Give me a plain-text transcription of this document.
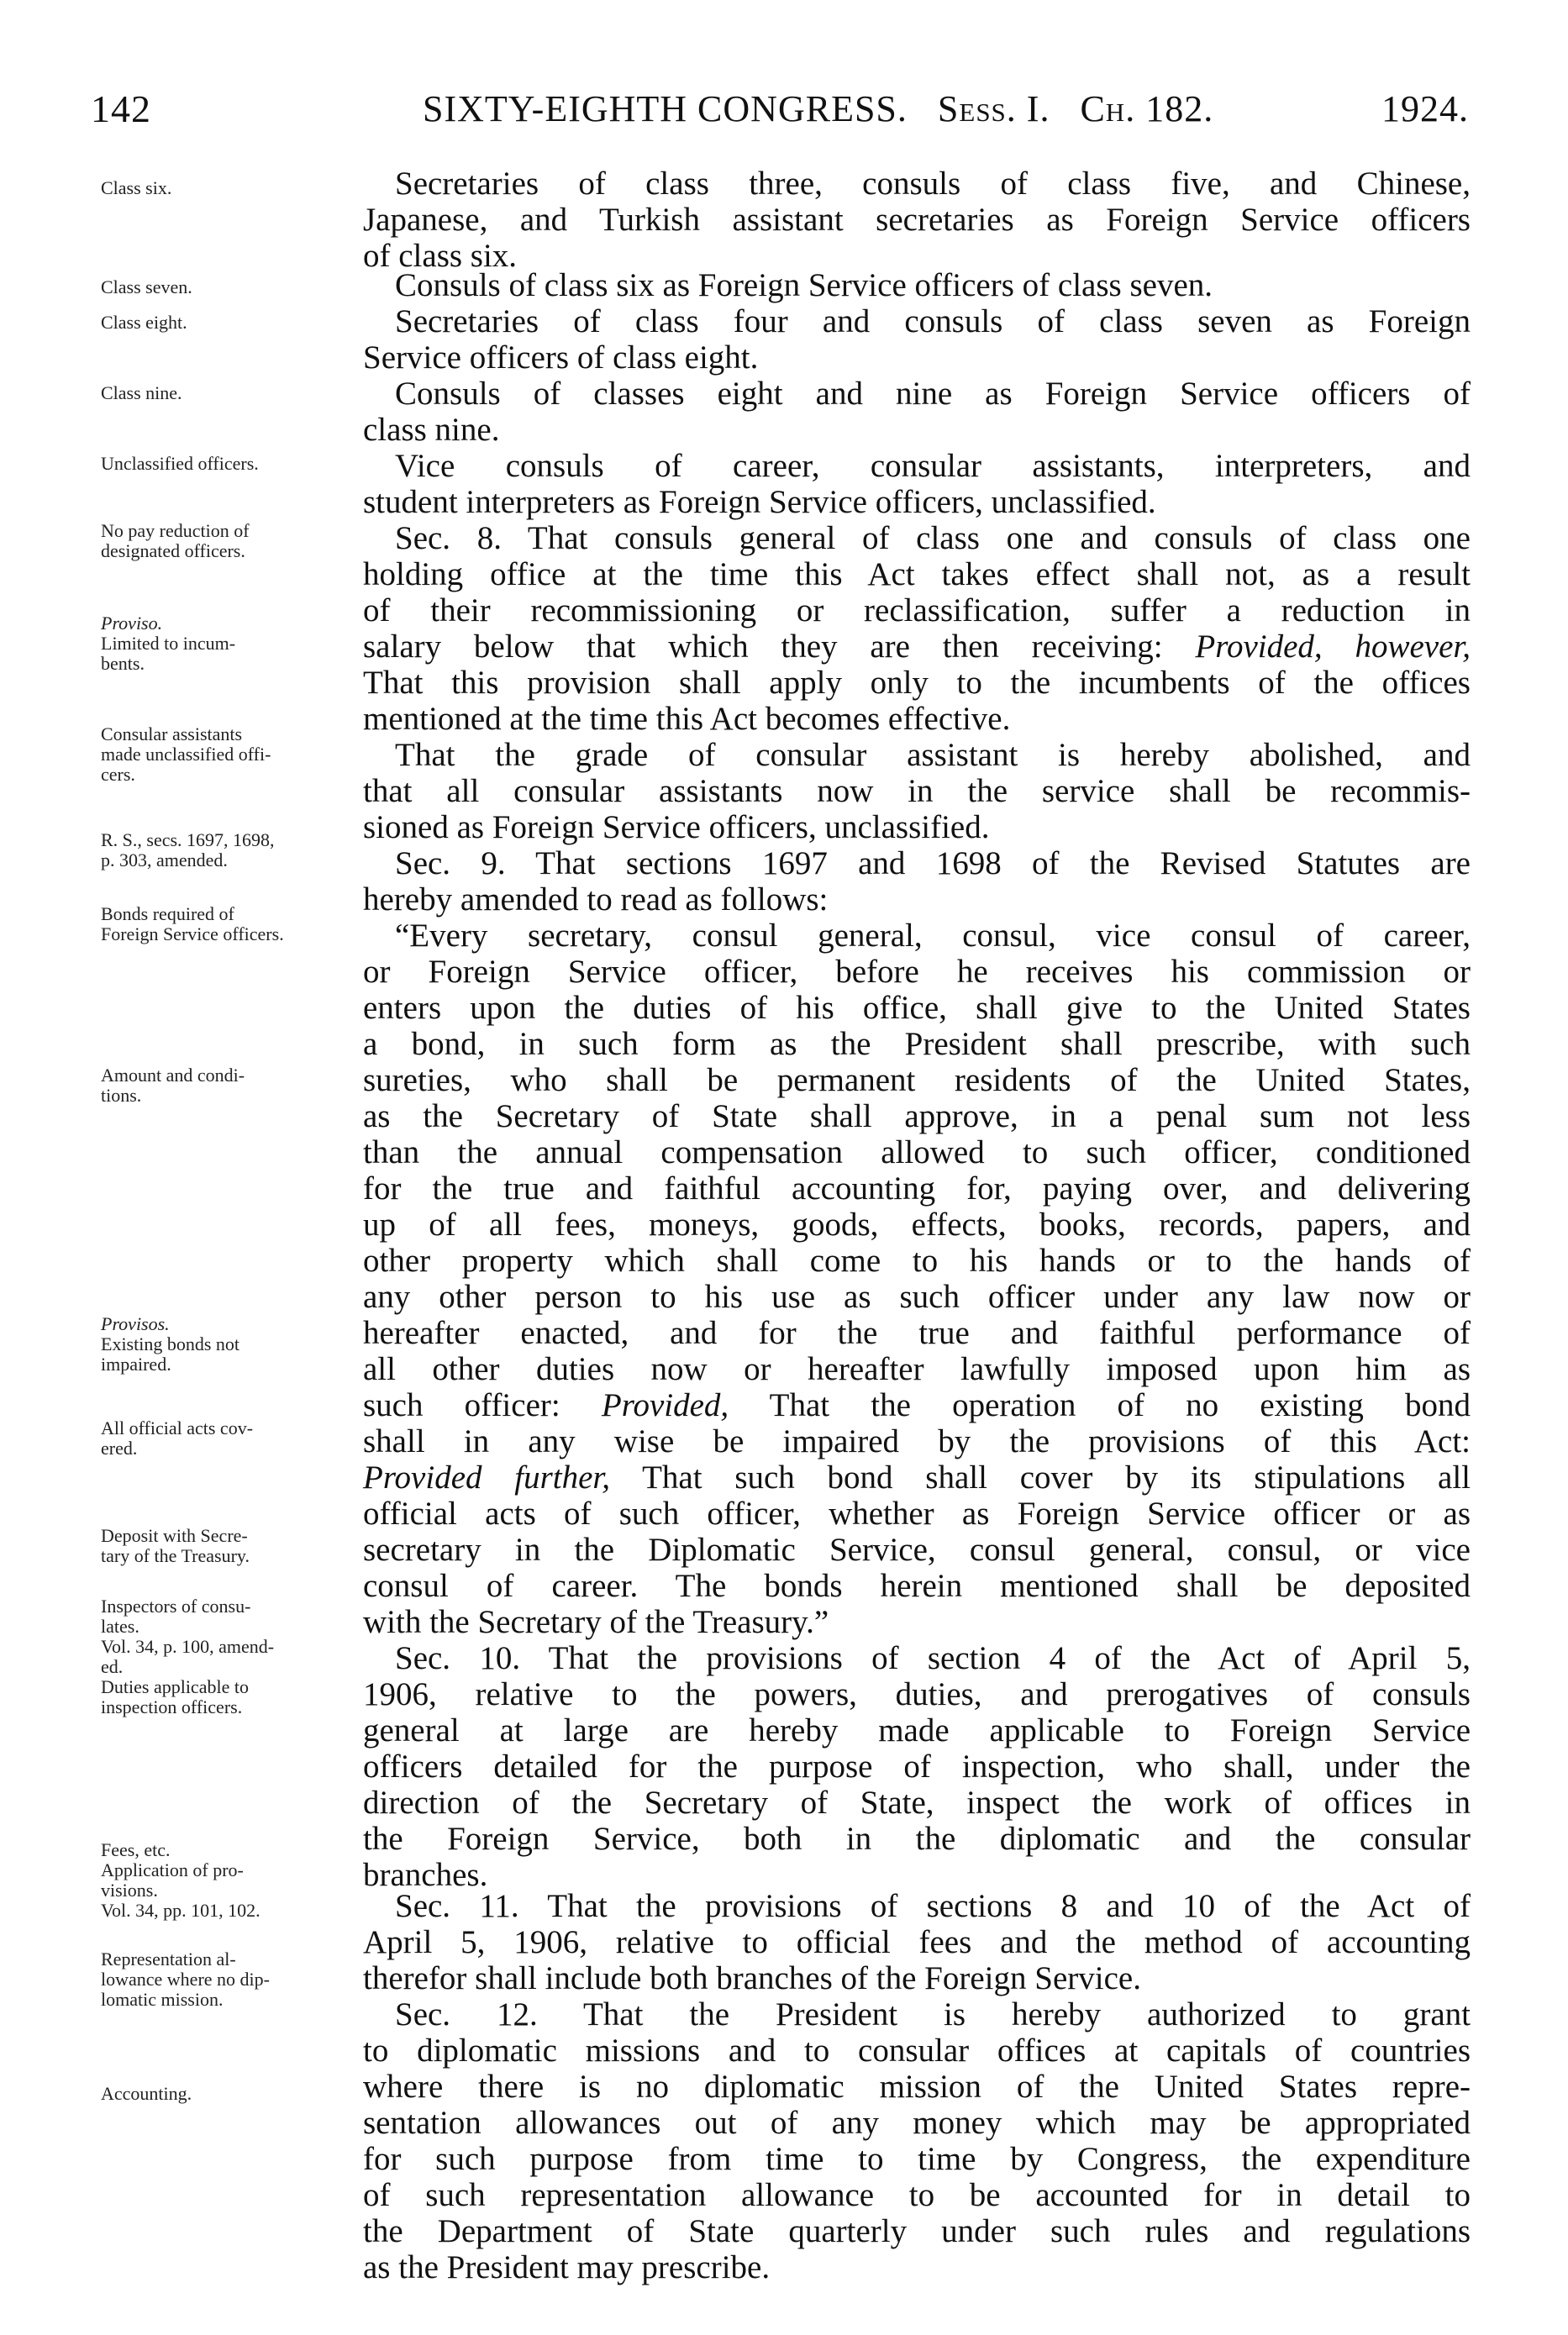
142	SIXTY-EIGHTH CONGRESS. Sess. I. Ch. 182.	1924.
Class six.
Class seven.
Class eight.
Class nine.
Unclassified officers.
No pay reduction of
designated officers.
Proviso.
Limited to incum-
bents.
Consular assistants
made unclassified offi-
cers.
R. S., secs. 1697, 1698,
p. 303, amended.
Bonds required of
Foreign Service officers.
Amount and condi-
tions.
Provisos.
Existing bonds not
impaired.
All official acts cov-
ered.
Deposit with Secre-
tary of the Treasury.
Inspectors of consu-
lates.
Vol. 34, p. 100, amend-
ed.
Duties applicable to
inspection officers.
Fees, etc.
Application of pro-
visions.
Vol. 34, pp. 101, 102.
Representation al-
lowance where no dip-
lomatic mission.
Accounting.
Secretaries of class three, consuls of class five, and Chinese,
Japanese, and Turkish assistant secretaries as Foreign Service officers
of class six.
Consuls of class six as Foreign Service officers of class seven.
Secretaries of class four and consuls of class seven as Foreign
Service officers of class eight.
Consuls of classes eight and nine as Foreign Service officers of
class nine.
Vice consuls of career, consular assistants, interpreters, and
student interpreters as Foreign Service officers, unclassified.
Sec. 8. That consuls general of class one and consuls of class one
holding office at the time this Act takes effect shall not, as a result
of their recommissioning or reclassification, suffer a reduction in
salary below that which they are then receiving: Provided, however,
That this provision shall apply only to the incumbents of the offices
mentioned at the time this Act becomes effective.
That the grade of consular assistant is hereby abolished, and
that all consular assistants now in the service shall be recommis-
sioned as Foreign Service officers, unclassified.
Sec. 9. That sections 1697 and 1698 of the Revised Statutes are
hereby amended to read as follows:
“Every secretary, consul general, consul, vice consul of career,
or Foreign Service officer, before he receives his commission or
enters upon the duties of his office, shall give to the United States
a bond, in such form as the President shall prescribe, with such
sureties, who shall be permanent residents of the United States,
as the Secretary of State shall approve, in a penal sum not less
than the annual compensation allowed to such officer, conditioned
for the true and faithful accounting for, paying over, and delivering
up of all fees, moneys, goods, effects, books, records, papers, and
other property which shall come to his hands or to the hands of
any other person to his use as such officer under any law now or
hereafter enacted, and for the true and faithful performance of
all other duties now or hereafter lawfully imposed upon him as
such officer: Provided, That the operation of no existing bond
shall in any wise be impaired by the provisions of this Act:
Provided further, That such bond shall cover by its stipulations all
official acts of such officer, whether as Foreign Service officer or as
secretary in the Diplomatic Service, consul general, consul, or vice
consul of career. The bonds herein mentioned shall be deposited
with the Secretary of the Treasury.”
Sec. 10. That the provisions of section 4 of the Act of April 5,
1906, relative to the powers, duties, and prerogatives of consuls
general at large are hereby made applicable to Foreign Service
officers detailed for the purpose of inspection, who shall, under the
direction of the Secretary of State, inspect the work of offices in
the Foreign Service, both in the diplomatic and the consular
branches.
Sec. 11. That the provisions of sections 8 and 10 of the Act of
April 5, 1906, relative to official fees and the method of accounting
therefor shall include both branches of the Foreign Service.
Sec. 12. That the President is hereby authorized to grant
to diplomatic missions and to consular offices at capitals of countries
where there is no diplomatic mission of the United States repre-
sentation allowances out of any money which may be appropriated
for such purpose from time to time by Congress, the expenditure
of such representation allowance to be accounted for in detail to
the Department of State quarterly under such rules and regulations
as the President may prescribe.
